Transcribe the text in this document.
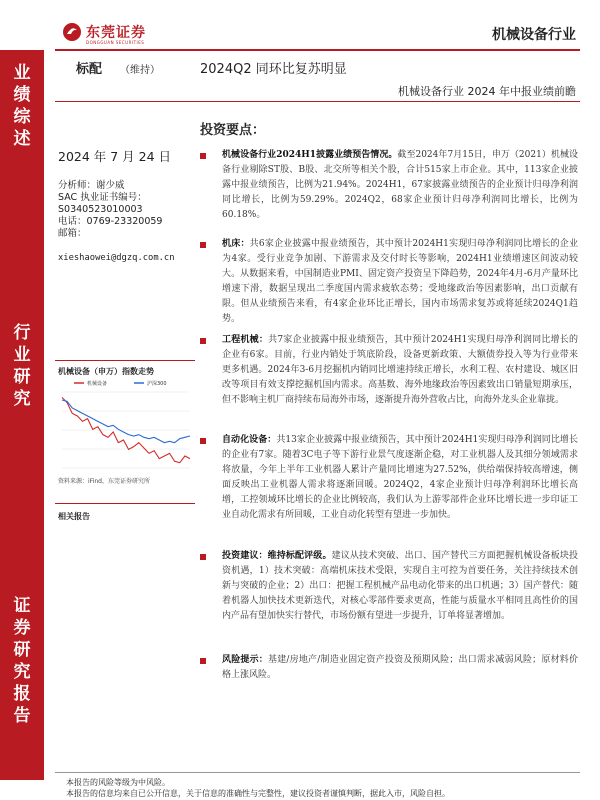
业绩综述
行业研究
证券研究报告
东莞证券
DONGGUAN SECURITIES	机械设备行业
标配 （维持）	2024Q2 同环比复苏明显
机械设备行业 2024 年中报业绩前瞻
2024 年 7 月 24 日
分析师：谢少威
SAC 执业证书编号：
S0340523010003
电话：0769-23320059
邮箱：
xieshaowei@dgzq.com.cn
机械设备（申万）指数走势
机械设备	沪深300
资料来源：iFind，东莞证券研究所
相关报告
投资要点：
机械设备行业2024H1披露业绩预告情况。截至2024年7月15日，申万（2021）机械设备行业剔除ST股、B股、北交所等相关个股，合计515家上市企业。其中，113家企业披露中报业绩预告，比例为21.94%。2024H1，67家披露业绩预告的企业预计归母净利润同比增长，比例为59.29%。2024Q2，68家企业预计归母净利润同比增长，比例为60.18%。
机床：共6家企业披露中报业绩预告，其中预计2024H1实现归母净利润同比增长的企业为4家。受行业竞争加剧、下游需求及交付时长等影响，2024H1业绩增速区间波动较大。从数据来看，中国制造业PMI、固定资产投资呈下降趋势，2024年4月-6月产量环比增速下滑，数据呈现出二季度国内需求疲软态势；受地缘政治等因素影响，出口贡献有限。但从业绩预告来看，有4家企业环比正增长，国内市场需求复苏或将延续2024Q1趋势。
工程机械：共7家企业披露中报业绩预告，其中预计2024H1实现归母净利润同比增长的企业有6家。目前，行业内销处于筑底阶段，设备更新政策、大额债券投入等为行业带来更多机遇。2024年3-6月挖掘机内销同比增速持续正增长，水利工程、农村建设、城区旧改等项目有效支撑挖掘机国内需求。高基数、海外地缘政治等因素致出口销量短期承压，但不影响主机厂商持续布局海外市场，逐渐提升海外营收占比，向海外龙头企业靠拢。
自动化设备：共13家企业披露中报业绩预告，其中预计2024H1实现归母净利润同比增长的企业有7家。随着3C电子等下游行业景气度逐渐企稳，对工业机器人及其细分领域需求将放量，今年上半年工业机器人累计产量同比增速为27.52%，供给端保持较高增速，侧面反映出工业机器人需求将逐渐回暖。2024Q2，4家企业预计归母净利润环比增长高增，工控领域环比增长的企业比例较高，我们认为上游零部件企业环比增长进一步印证工业自动化需求有所回暖，工业自动化转型有望进一步加快。
投资建议：维持标配评级。建议从技术突破、出口、国产替代三方面把握机械设备板块投资机遇，1）技术突破：高端机床技术受限，实现自主可控为首要任务，关注持续技术创新与突破的企业；2）出口：把握工程机械产品电动化带来的出口机遇；3）国产替代：随着机器人加快技术更新迭代，对核心零部件要求更高，性能与质量水平相同且高性价的国内产品有望加快实行替代，市场份额有望进一步提升，订单将显著增加。
风险提示：基建/房地产/制造业固定资产投资及预期风险；出口需求减弱风险；原材料价格上涨风险。
本报告的风险等级为中风险。
本报告的信息均来自已公开信息，关于信息的准确性与完整性，建议投资者谨慎判断，据此入市，风险自担。
